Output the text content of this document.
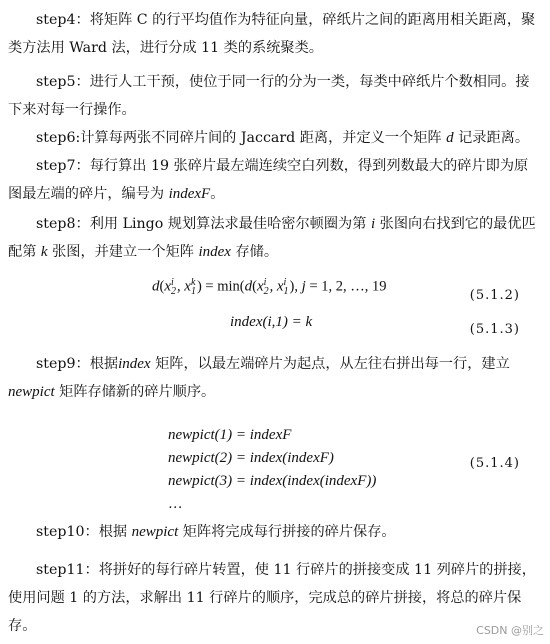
step4：将矩阵 C 的行平均值作为特征向量，碎纸片之间的距离用相关距离，聚类方法用 Ward 法，进行分成 11 类的系统聚类。

step5：进行人工干预，使位于同一行的分为一类，每类中碎纸片个数相同。接下来对每一行操作。

step6:计算每两张不同碎片间的 Jaccard 距离，并定义一个矩阵 d 记录距离。

step7：每行算出 19 张碎片最左端连续空白列数，得到列数最大的碎片即为原图最左端的碎片，编号为 indexF。

step8：利用 Lingo 规划算法求最佳哈密尔顿圈为第 i 张图向右找到它的最优匹配第 k 张图，并建立一个矩阵 index 存储。

d(x i
2 , x k
1 ) = min(d(x i
2 , x i
1 ), j = 1, 2, …, 19
(5.1.2)
index(i,1) = k	(5.1.3)

step9：根据index 矩阵，以最左端碎片为起点，从左往右拼出每一行，建立 newpict 矩阵存储新的碎片顺序。

newpict(1) = indexF
newpict(2) = index(indexF)
newpict(3) = index(index(indexF))
…
(5.1.4)

step10：根据 newpict 矩阵将完成每行拼接的碎片保存。

step11：将拼好的每行碎片转置，使 11 行碎片的拼接变成 11 列碎片的拼接，使用问题 1 的方法，求解出 11 行碎片的顺序，完成总的碎片拼接，将总的碎片保存。	CSDN @别之
